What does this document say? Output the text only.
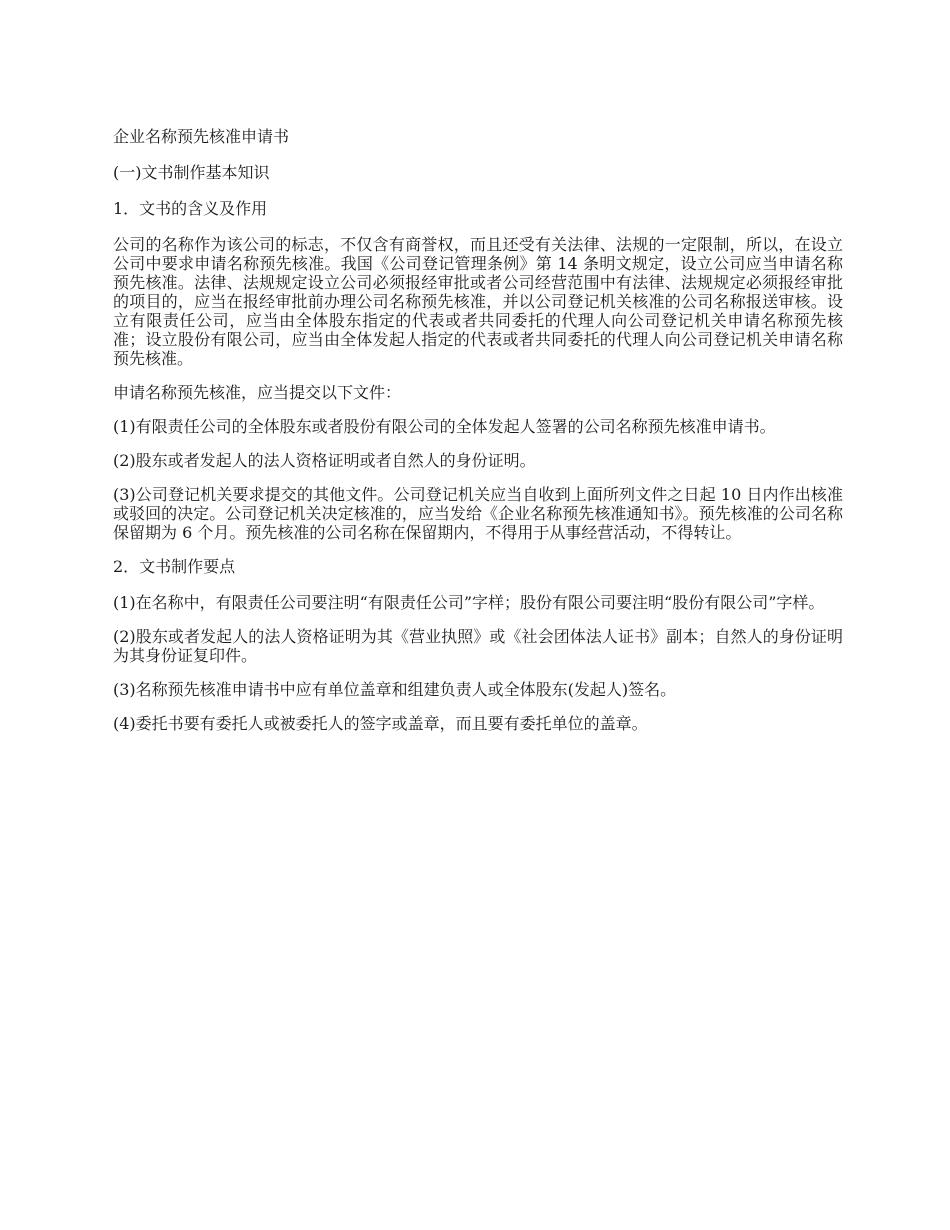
企业名称预先核准申请书

(一)文书制作基本知识

1．文书的含义及作用

公司的名称作为该公司的标志，不仅含有商誉权，而且还受有关法律、法规的一定限制，所以，在设立公司中要求申请名称预先核准。我国《公司登记管理条例》第 14 条明文规定，设立公司应当申请名称预先核准。法律、法规规定设立公司必须报经审批或者公司经营范围中有法律、法规规定必须报经审批的项目的，应当在报经审批前办理公司名称预先核准，并以公司登记机关核准的公司名称报送审核。设立有限责任公司，应当由全体股东指定的代表或者共同委托的代理人向公司登记机关申请名称预先核准；设立股份有限公司，应当由全体发起人指定的代表或者共同委托的代理人向公司登记机关申请名称预先核准。

申请名称预先核准，应当提交以下文件：

(1)有限责任公司的全体股东或者股份有限公司的全体发起人签署的公司名称预先核准申请书。

(2)股东或者发起人的法人资格证明或者自然人的身份证明。

(3)公司登记机关要求提交的其他文件。公司登记机关应当自收到上面所列文件之日起 10 日内作出核准或驳回的决定。公司登记机关决定核准的，应当发给《企业名称预先核准通知书》。预先核准的公司名称保留期为 6 个月。预先核准的公司名称在保留期内，不得用于从事经营活动，不得转让。

2．文书制作要点

(1)在名称中，有限责任公司要注明“有限责任公司”字样；股份有限公司要注明“股份有限公司”字样。

(2)股东或者发起人的法人资格证明为其《营业执照》或《社会团体法人证书》副本；自然人的身份证明为其身份证复印件。

(3)名称预先核准申请书中应有单位盖章和组建负责人或全体股东(发起人)签名。

(4)委托书要有委托人或被委托人的签字或盖章，而且要有委托单位的盖章。
